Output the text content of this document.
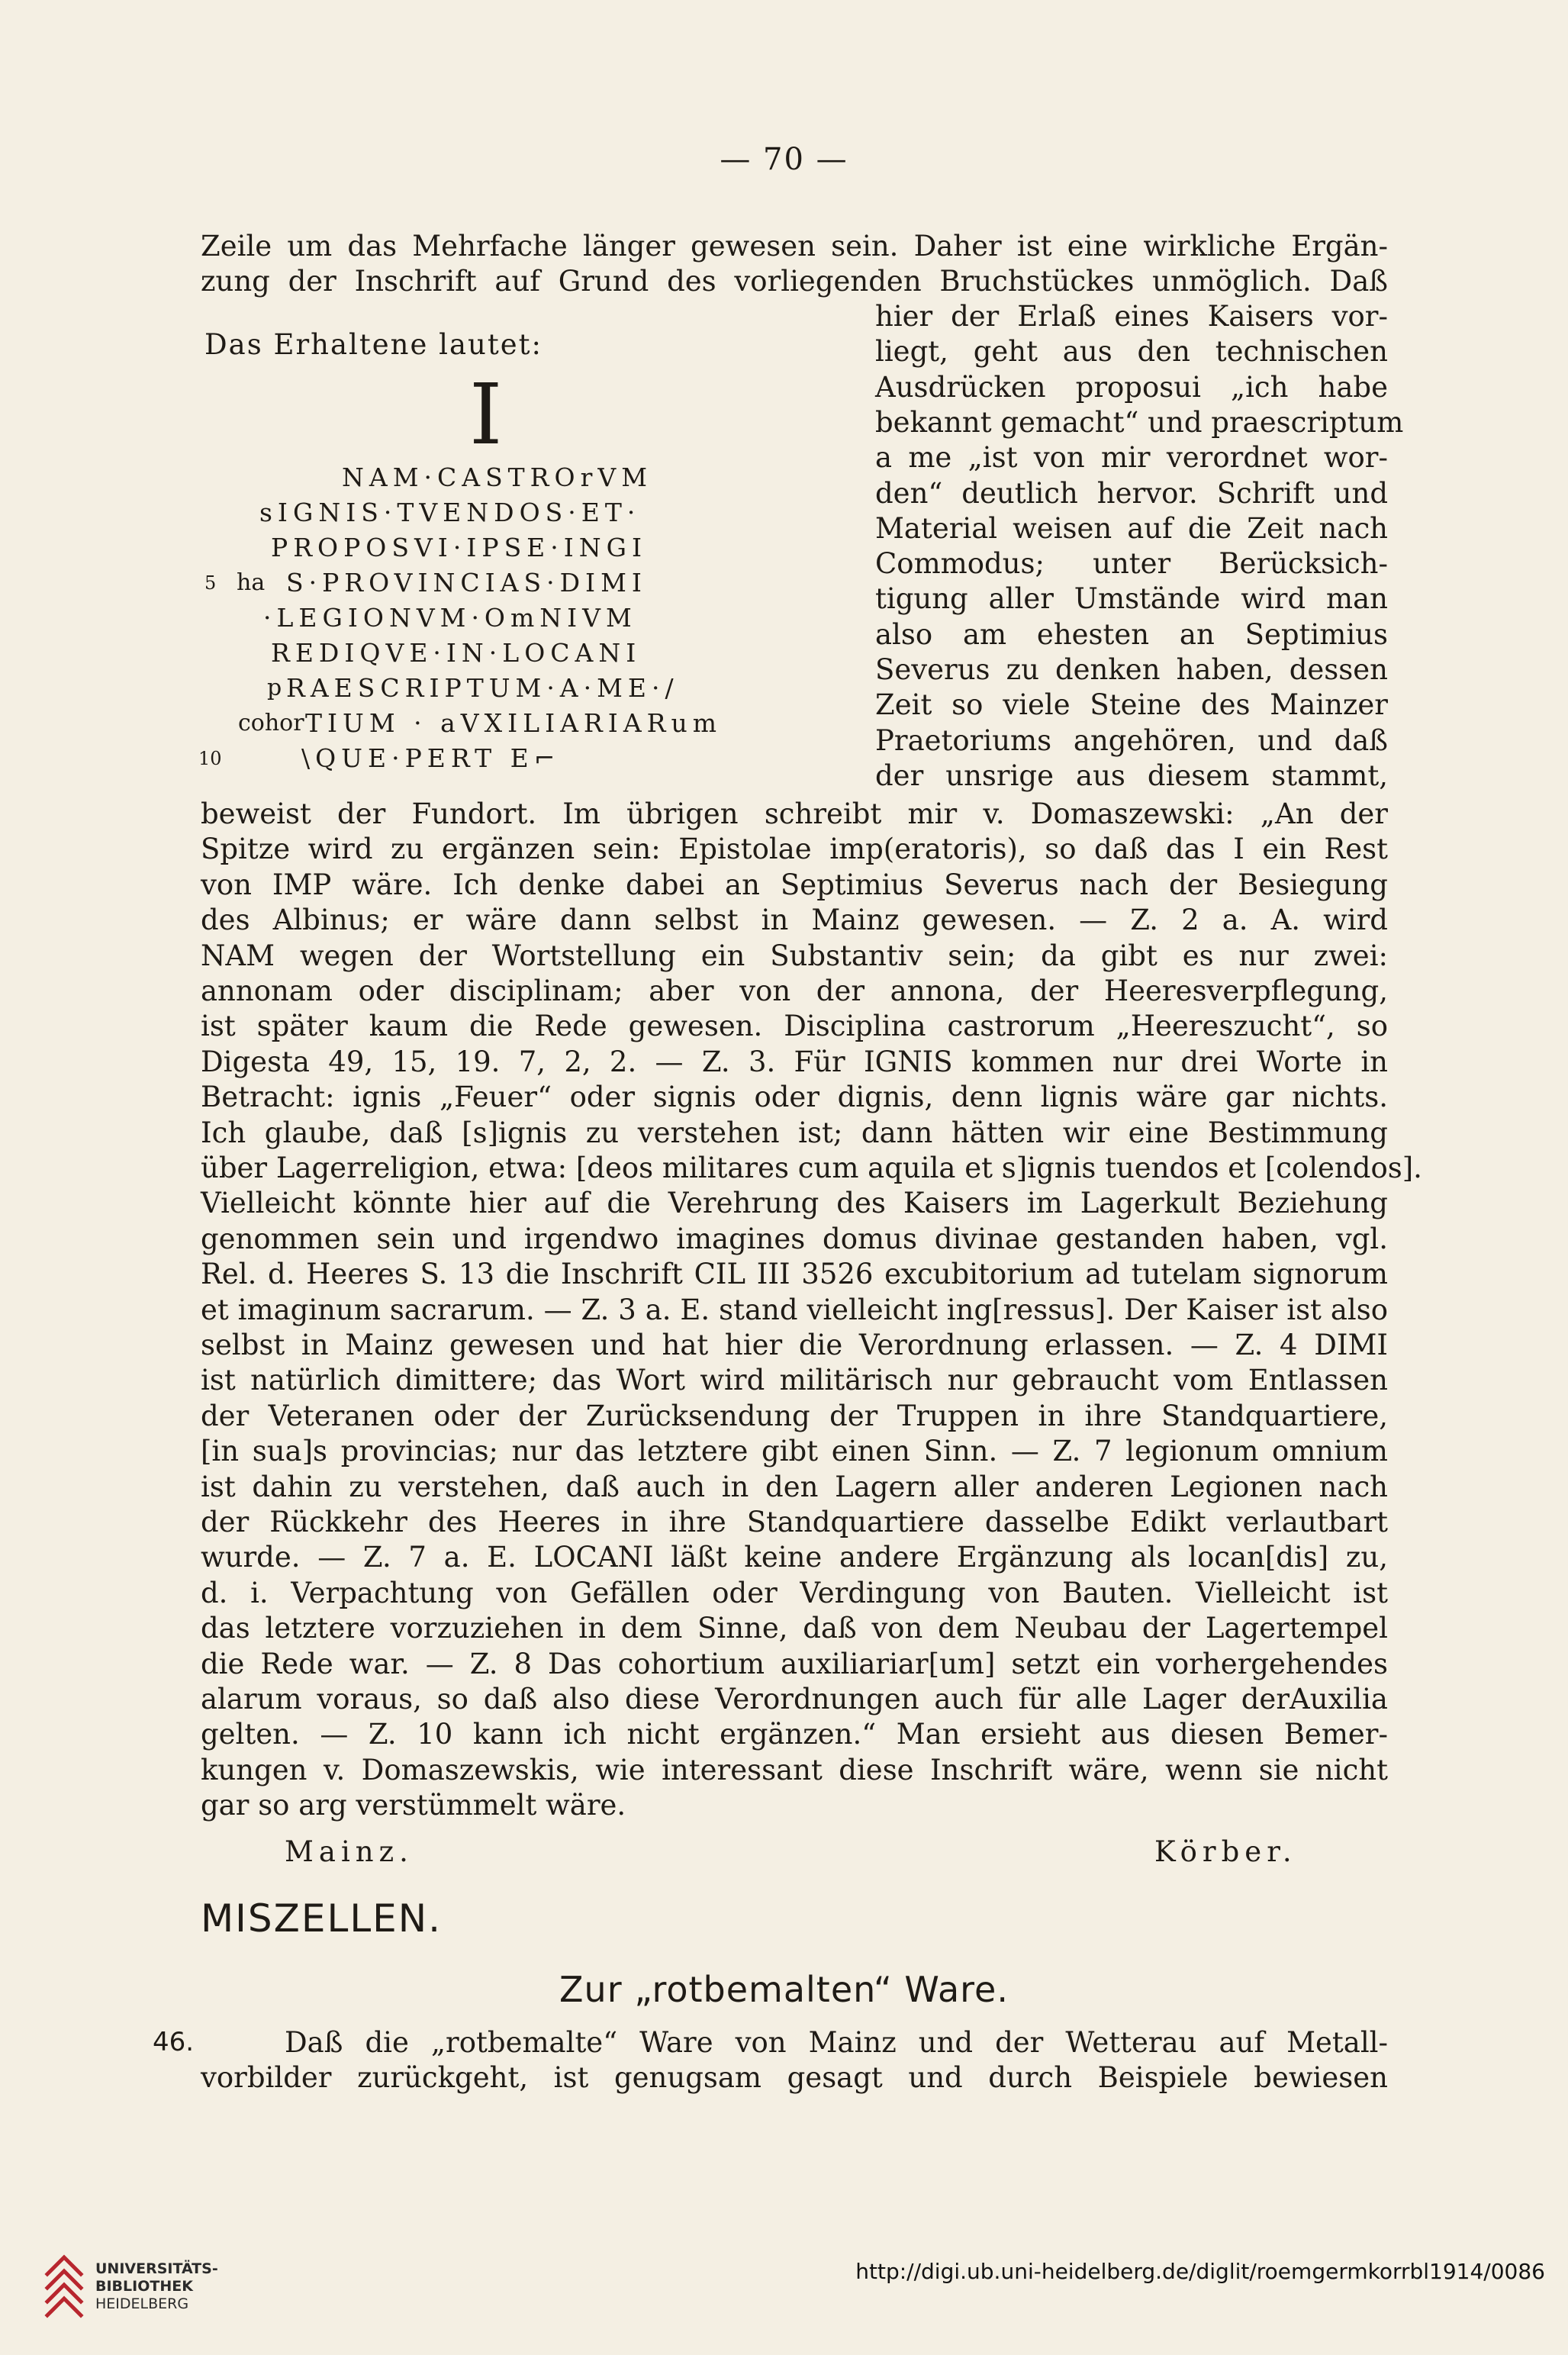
— 70 —
Zeile um das Mehrfache länger gewesen sein. Daher ist eine wirkliche Ergän-
zung der Inschrift auf Grund des vorliegenden Bruchstückes unmöglich. Daß
Das Erhaltene lautet:
I
NAM·CASTROrVM
sIGNIS·TVENDOS·ET·
PROPOSVI·IPSE·INGI
5 ha S·PROVINCIAS·DIMI
·LEGIONVM·OmNIVM
REDIQVE·IN·LOCANI
p RAESCRIPTUM·A·ME·/
cohor TIUM · aVXILIARIARum
10	\QUE·PERT E⌐
hier der Erlaß eines Kaisers vor-
liegt, geht aus den technischen
Ausdrücken proposui „ich habe
bekannt gemacht“ und praescriptum
a me „ist von mir verordnet wor-
den“ deutlich hervor. Schrift und
Material weisen auf die Zeit nach
Commodus; unter Berücksich-
tigung aller Umstände wird man
also am ehesten an Septimius
Severus zu denken haben, dessen
Zeit so viele Steine des Mainzer
Praetoriums angehören, und daß
der unsrige aus diesem stammt,
beweist der Fundort. Im übrigen schreibt mir v. Domaszewski: „An der
Spitze wird zu ergänzen sein: Epistolae imp(eratoris), so daß das I ein Rest
von IMP wäre. Ich denke dabei an Septimius Severus nach der Besiegung
des Albinus; er wäre dann selbst in Mainz gewesen. — Z. 2 a. A. wird
NAM wegen der Wortstellung ein Substantiv sein; da gibt es nur zwei:
annonam oder disciplinam; aber von der annona, der Heeresverpflegung,
ist später kaum die Rede gewesen. Disciplina castrorum „Heereszucht“, so
Digesta 49, 15, 19. 7, 2, 2. — Z. 3. Für IGNIS kommen nur drei Worte in
Betracht: ignis „Feuer“ oder signis oder dignis, denn lignis wäre gar nichts.
Ich glaube, daß [s]ignis zu verstehen ist; dann hätten wir eine Bestimmung
über Lagerreligion, etwa: [deos militares cum aquila et s]ignis tuendos et [colendos].
Vielleicht könnte hier auf die Verehrung des Kaisers im Lagerkult Beziehung
genommen sein und irgendwo imagines domus divinae gestanden haben, vgl.
Rel. d. Heeres S. 13 die Inschrift CIL III 3526 excubitorium ad tutelam signorum
et imaginum sacrarum. — Z. 3 a. E. stand vielleicht ing[ressus]. Der Kaiser ist also
selbst in Mainz gewesen und hat hier die Verordnung erlassen. — Z. 4 DIMI
ist natürlich dimittere; das Wort wird militärisch nur gebraucht vom Entlassen
der Veteranen oder der Zurücksendung der Truppen in ihre Standquartiere,
[in sua]s provincias; nur das letztere gibt einen Sinn. — Z. 7 legionum omnium
ist dahin zu verstehen, daß auch in den Lagern aller anderen Legionen nach
der Rückkehr des Heeres in ihre Standquartiere dasselbe Edikt verlautbart
wurde. — Z. 7 a. E. LOCANI läßt keine andere Ergänzung als locan[dis] zu,
d. i. Verpachtung von Gefällen oder Verdingung von Bauten. Vielleicht ist
das letztere vorzuziehen in dem Sinne, daß von dem Neubau der Lagertempel
die Rede war. — Z. 8 Das cohortium auxiliariar[um] setzt ein vorhergehendes
alarum voraus, so daß also diese Verordnungen auch für alle Lager derAuxilia
gelten. — Z. 10 kann ich nicht ergänzen.“ Man ersieht aus diesen Bemer-
kungen v. Domaszewskis, wie interessant diese Inschrift wäre, wenn sie nicht
gar so arg verstümmelt wäre.
Mainz.	Körber.
MISZELLEN.
Zur „rotbemalten“ Ware.
46.	Daß die „rotbemalte“ Ware von Mainz und der Wetterau auf Metall-
vorbilder zurückgeht, ist genugsam gesagt und durch Beispiele bewiesen
UNIVERSITÄTS-
BIBLIOTHEK
HEIDELBERG
http://digi.ub.uni-heidelberg.de/diglit/roemgermkorrbl1914/0086
